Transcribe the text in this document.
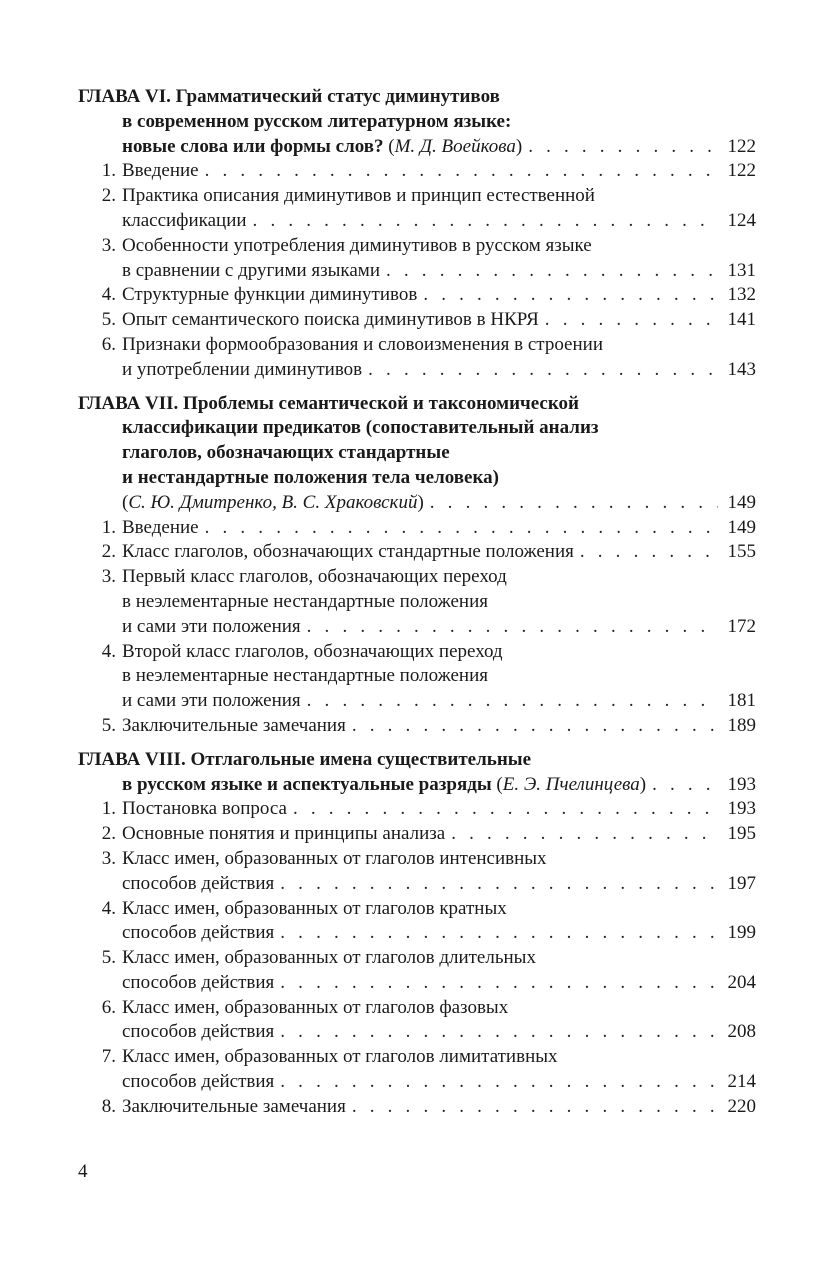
ГЛАВА VI. Грамматический статус диминутивов
в современном русском литературном языке:
новые слова или формы слов? (М. Д. Воейкова) . . .	122
1. Введение . . .	122
2. Практика описания диминутивов и принцип естественной
классификации . . .	124
3. Особенности употребления диминутивов в русском языке
в сравнении с другими языками . . .	131
4. Структурные функции диминутивов . . .	132
5. Опыт семантического поиска диминутивов в НКРЯ . . .	141
6. Признаки формообразования и словоизменения в строении
и употреблении диминутивов . . .	143
ГЛАВА VII. Проблемы семантической и таксономической
классификации предикатов (сопоставительный анализ
глаголов, обозначающих стандартные
и нестандартные положения тела человека)
(С. Ю. Дмитренко, В. С. Храковский) . . .	149
1. Введение . . .	149
2. Класс глаголов, обозначающих стандартные положения . . .	155
3. Первый класс глаголов, обозначающих переход
в неэлементарные нестандартные положения
и сами эти положения . . .	172
4. Второй класс глаголов, обозначающих переход
в неэлементарные нестандартные положения
и сами эти положения . . .	181
5. Заключительные замечания . . .	189
ГЛАВА VIII. Отглагольные имена существительные
в русском языке и аспектуальные разряды (Е. Э. Пчелинцева) . . .	193
1. Постановка вопроса . . .	193
2. Основные понятия и принципы анализа . . .	195
3. Класс имен, образованных от глаголов интенсивных
способов действия . . .	197
4. Класс имен, образованных от глаголов кратных
способов действия . . .	199
5. Класс имен, образованных от глаголов длительных
способов действия . . .	204
6. Класс имен, образованных от глаголов фазовых
способов действия . . .	208
7. Класс имен, образованных от глаголов лимитативных
способов действия . . .	214
8. Заключительные замечания . . .	220
4
